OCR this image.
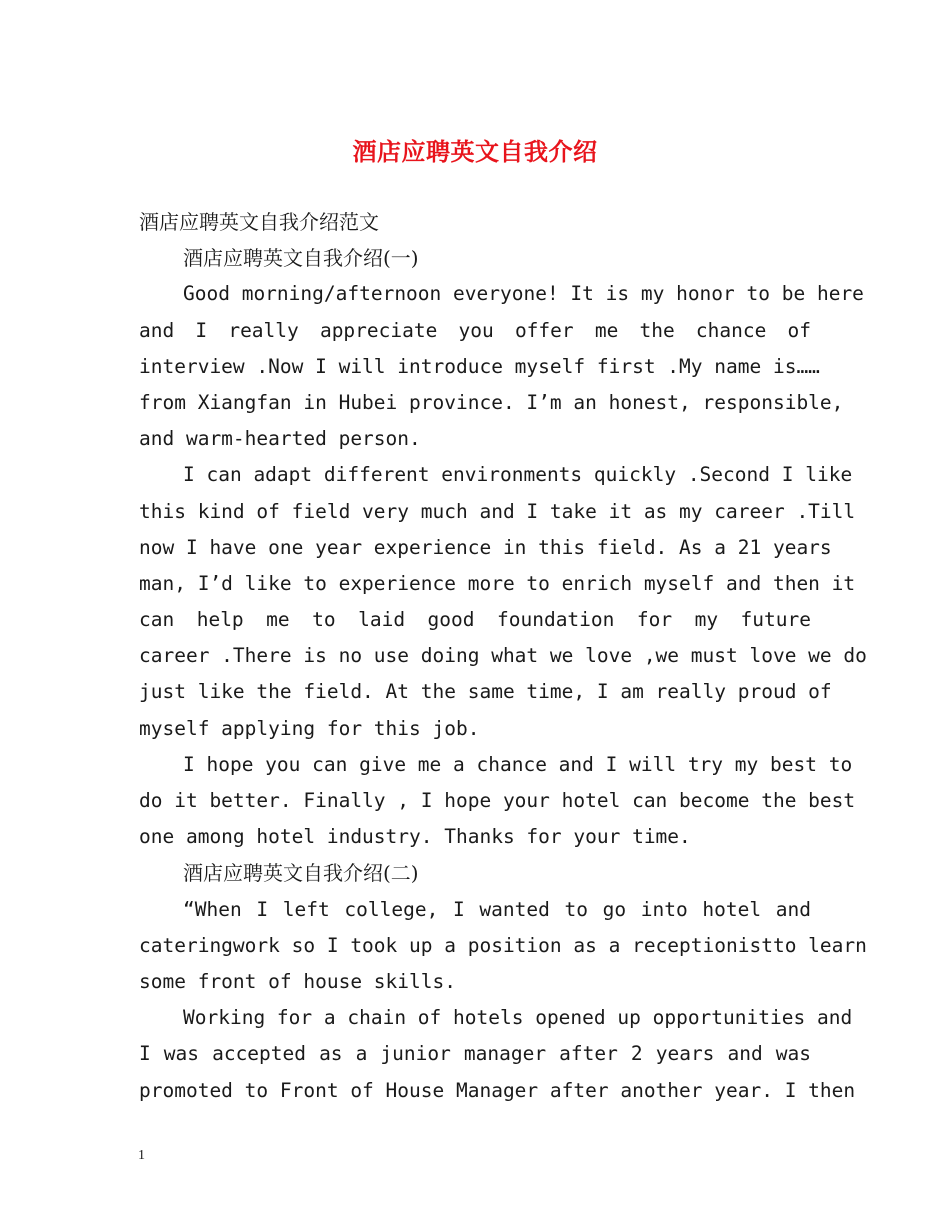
酒店应聘英文自我介绍
酒店应聘英文自我介绍范文
酒店应聘英文自我介绍(一)
Good morning/afternoon everyone! It is my honor to be here
and I really appreciate you offer me the chance of
interview .Now I will introduce myself first .My name is……
from Xiangfan in Hubei province. I’m an honest, responsible,
and warm-hearted person.
I can adapt different environments quickly .Second I like
this kind of field very much and I take it as my career .Till
now I have one year experience in this field. As a 21 years
man, I’d like to experience more to enrich myself and then it
can help me to laid good foundation for my future
career .There is no use doing what we love ,we must love we do
just like the field. At the same time, I am really proud of
myself applying for this job.
I hope you can give me a chance and I will try my best to
do it better. Finally , I hope your hotel can become the best
one among hotel industry. Thanks for your time.
酒店应聘英文自我介绍(二)
“When I left college, I wanted to go into hotel and
cateringwork so I took up a position as a receptionistto learn
some front of house skills.
Working for a chain of hotels opened up opportunities and
I was accepted as a junior manager after 2 years and was
promoted to Front of House Manager after another year. I then
1
